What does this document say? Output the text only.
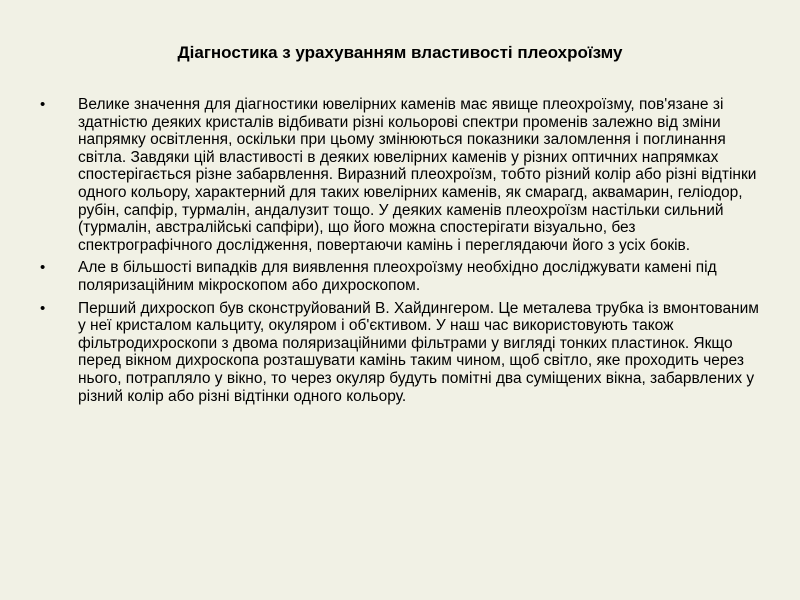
Діагностика з урахуванням властивості плеохроїзму
• Велике значення для діагностики ювелірних каменів має явище плеохроїзму, пов'язане зі здатністю деяких кристалів відбивати різні кольорові спектри променів залежно від зміни напрямку освітлення, оскільки при цьому змінюються показники заломлення і поглинання світла. Завдяки цій властивості в деяких ювелірних каменів у різних оптичних напрямках спостерігається різне забарвлення. Виразний плеохроїзм, тобто різний колір або різні відтінки одного кольору, характерний для таких ювелірних каменів, як смарагд, аквамарин, геліодор, рубін, сапфір, турмалін, андалузит тощо. У деяких каменів плеохроїзм настільки сильний (турмалін, австралійські сапфіри), що його можна спостерігати візуально, без спектрографічного дослідження, повертаючи камінь і переглядаючи його з усіх боків.
• Але в більшості випадків для виявлення плеохроїзму необхідно досліджувати камені під поляризаційним мікроскопом або дихроскопом.
• Перший дихроскоп був сконструйований В. Хайдингером. Це металева трубка із вмонтованим у неї кристалом кальциту, окуляром і об'єктивом. У наш час використовують також фільтродихроскопи з двома поляризаційними фільтрами у вигляді тонких пластинок. Якщо перед вікном дихроскопа розташувати камінь таким чином, щоб світло, яке проходить через нього, потрапляло у вікно, то через окуляр будуть помітні два суміщених вікна, забарвлених у різний колір або різні відтінки одного кольору.
